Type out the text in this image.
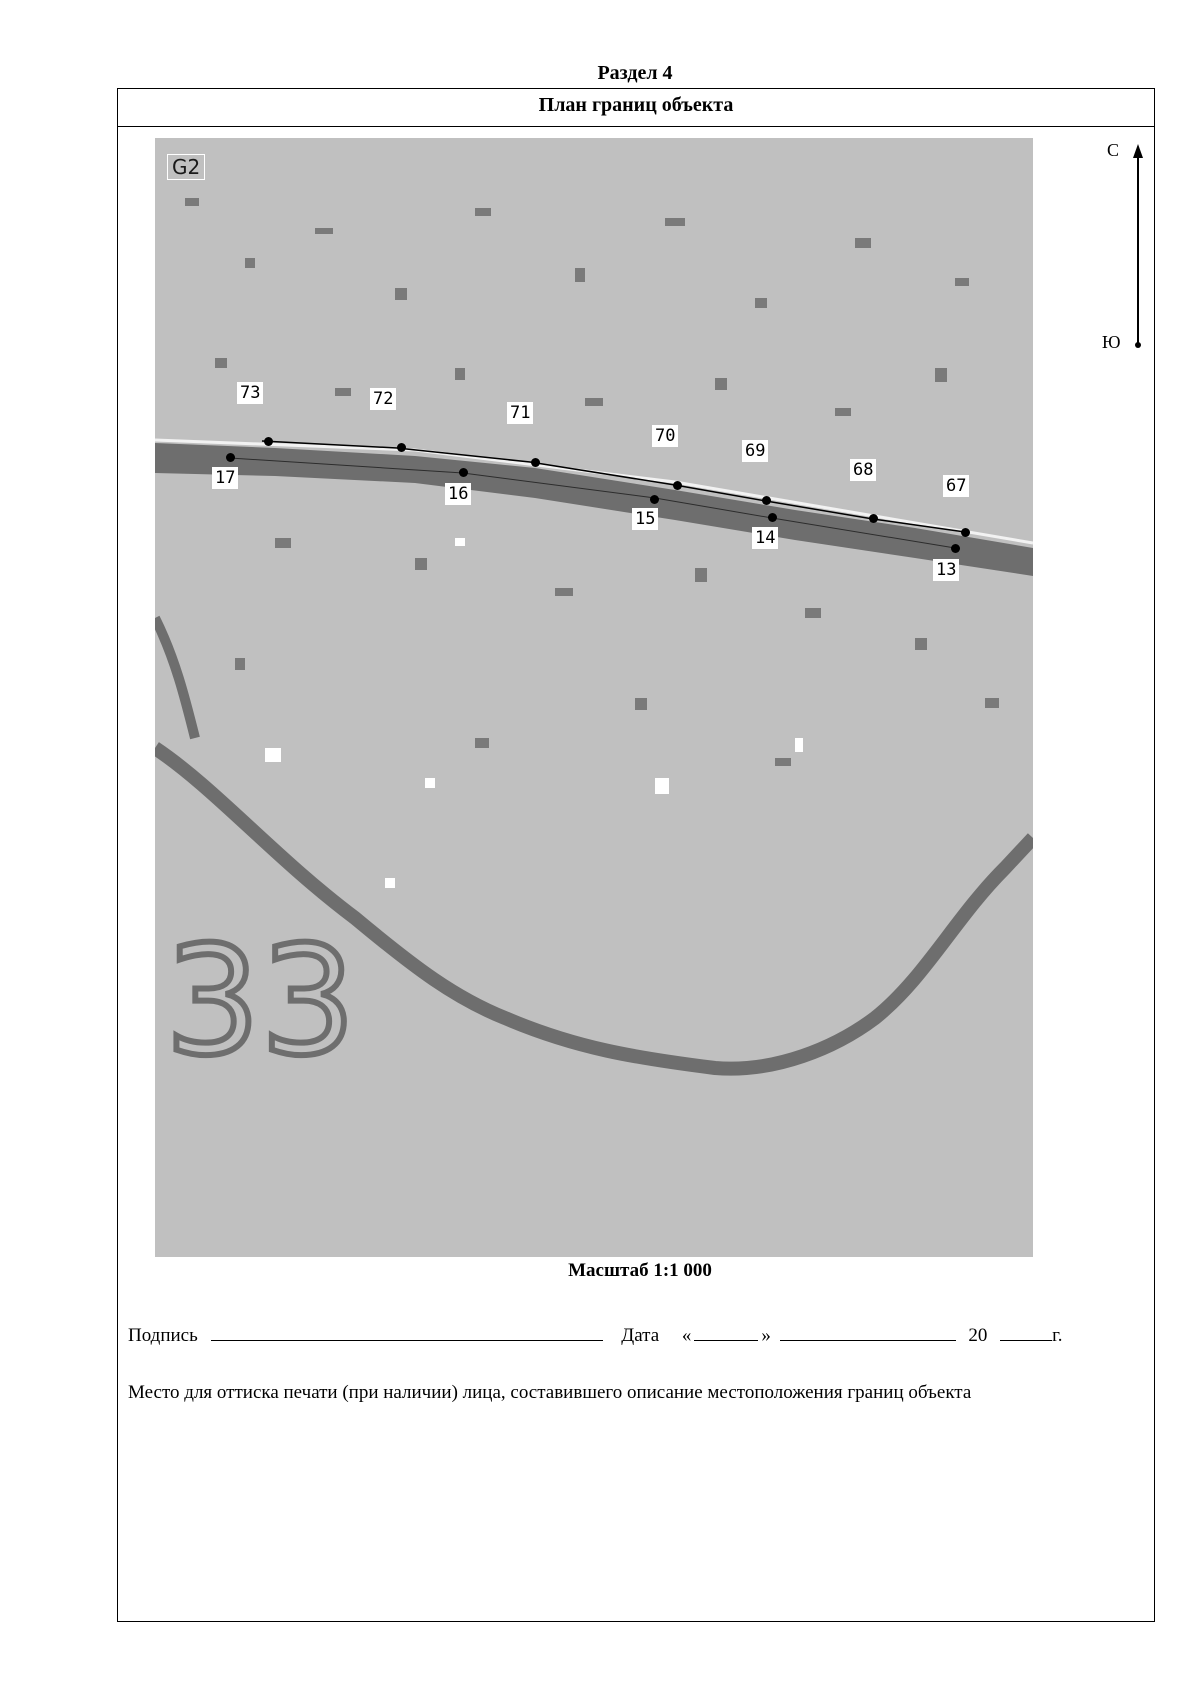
Раздел 4
План границ объекта
33
G2
73	72
71
70
69
68
67
17
16
15
14
13
С
Ю
Масштаб 1:1 000
Подпись	Дата «	»	20	г.
Место для оттиска печати (при наличии) лица, составившего описание местоположения границ объекта
